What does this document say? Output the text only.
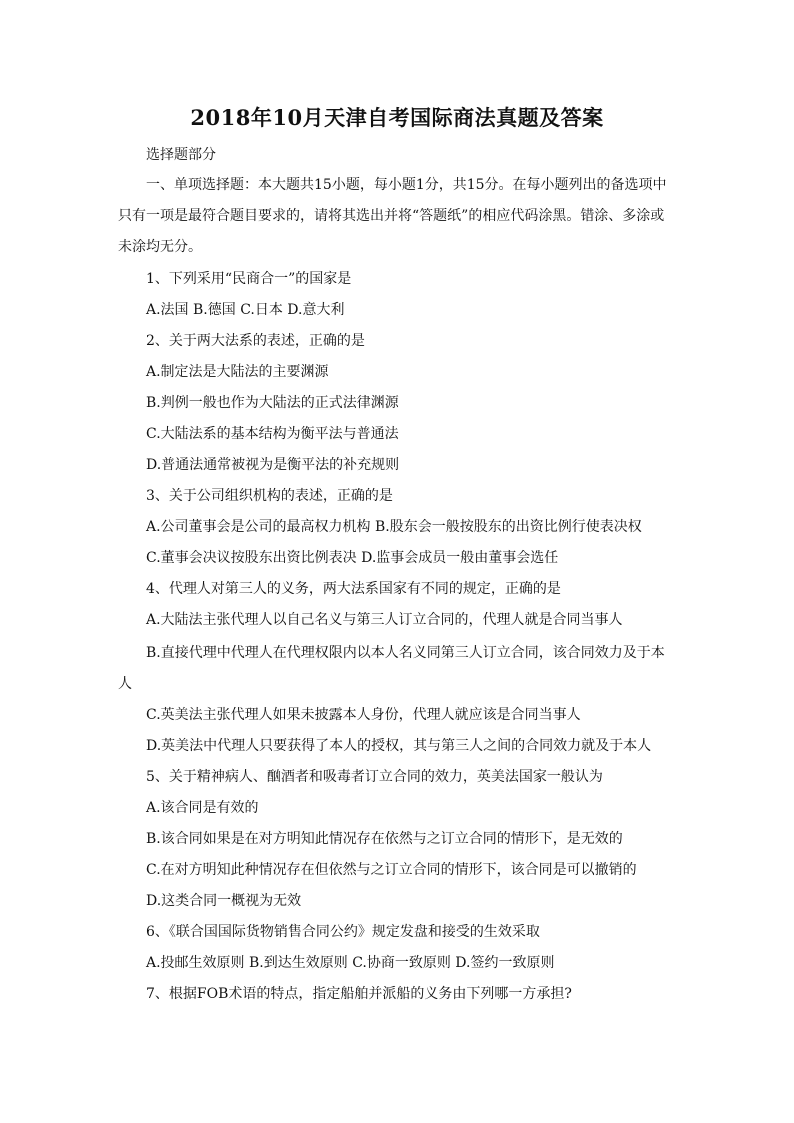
2018年10月天津自考国际商法真题及答案
选择题部分
一、单项选择题：本大题共15小题，每小题1分，共15分。在每小题列出的备选项中只有一项是最符合题目要求的，请将其选出并将“答题纸”的相应代码涂黑。错涂、多涂或未涂均无分。
1、下列采用“民商合一”的国家是
A.法国 B.德国 C.日本 D.意大利
2、关于两大法系的表述，正确的是
A.制定法是大陆法的主要渊源
B.判例一般也作为大陆法的正式法律渊源
C.大陆法系的基本结构为衡平法与普通法
D.普通法通常被视为是衡平法的补充规则
3、关于公司组织机构的表述，正确的是
A.公司董事会是公司的最高权力机构 B.股东会一般按股东的出资比例行使表决权
C.董事会决议按股东出资比例表决 D.监事会成员一般由董事会选任
4、代理人对第三人的义务，两大法系国家有不同的规定，正确的是
A.大陆法主张代理人以自己名义与第三人订立合同的，代理人就是合同当事人
B.直接代理中代理人在代理权限内以本人名义同第三人订立合同，该合同效力及于本
人
C.英美法主张代理人如果未披露本人身份，代理人就应该是合同当事人
D.英美法中代理人只要获得了本人的授权，其与第三人之间的合同效力就及于本人
5、关于精神病人、酗酒者和吸毒者订立合同的效力，英美法国家一般认为
A.该合同是有效的
B.该合同如果是在对方明知此情况存在依然与之订立合同的情形下，是无效的
C.在对方明知此种情况存在但依然与之订立合同的情形下，该合同是可以撤销的
D.这类合同一概视为无效
6、《联合国国际货物销售合同公约》规定发盘和接受的生效采取
A.投邮生效原则 B.到达生效原则 C.协商一致原则 D.签约一致原则
7、根据FOB术语的特点，指定船舶并派船的义务由下列哪一方承担?
